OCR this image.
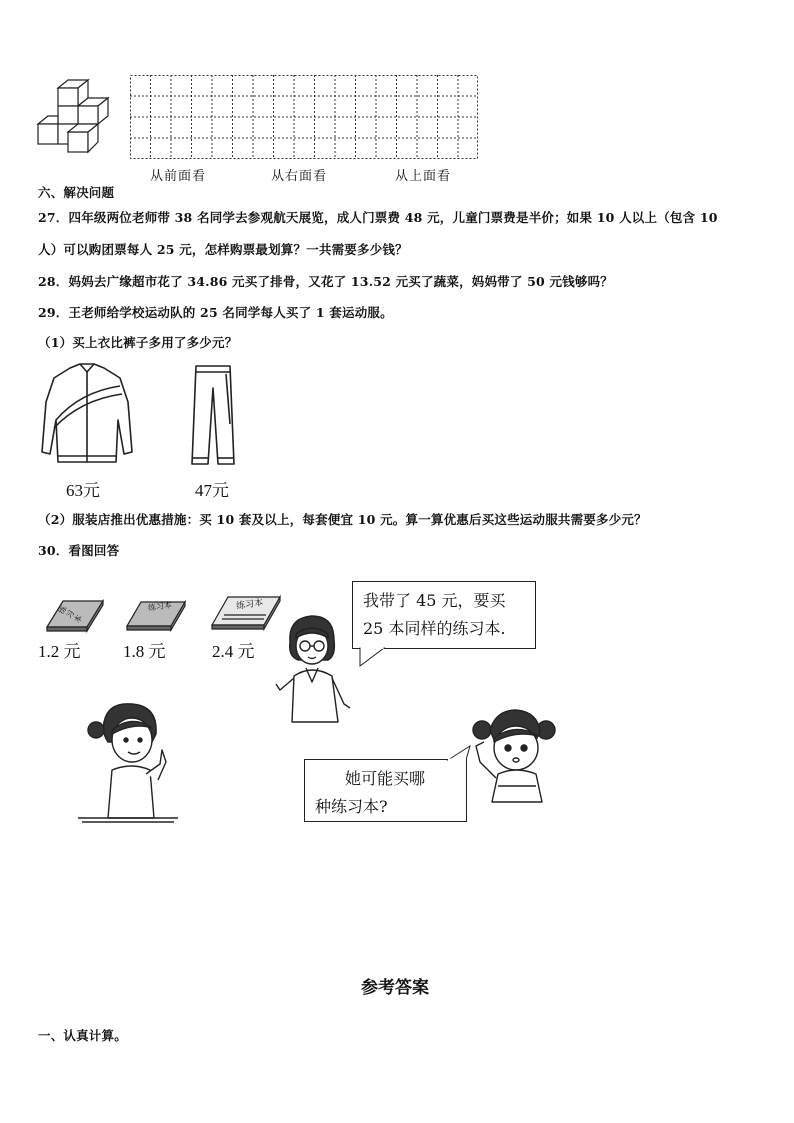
从前面看	从右面看	从上面看
六、解决问题
27．四年级两位老师带 38 名同学去参观航天展览，成人门票费 48 元，儿童门票费是半价；如果 10 人以上（包含 10
人）可以购团票每人 25 元，怎样购票最划算？一共需要多少钱？
28．妈妈去广缘超市花了 34.86 元买了排骨，又花了 13.52 元买了蔬菜，妈妈带了 50 元钱够吗？
29．王老师给学校运动队的 25 名同学每人买了 1 套运动服。
（1）买上衣比裤子多用了多少元？
63元	47元
（2）服装店推出优惠措施：买 10 套及以上，每套便宜 10 元。算一算优惠后买这些运动服共需要多少元？
30．看图回答
练习本
1.2 元
练习本
1.8 元
练习本
2.4 元
我带了 45 元，要买
25 本同样的练习本.
她可能买哪
种练习本?
参考答案
一、认真计算。
